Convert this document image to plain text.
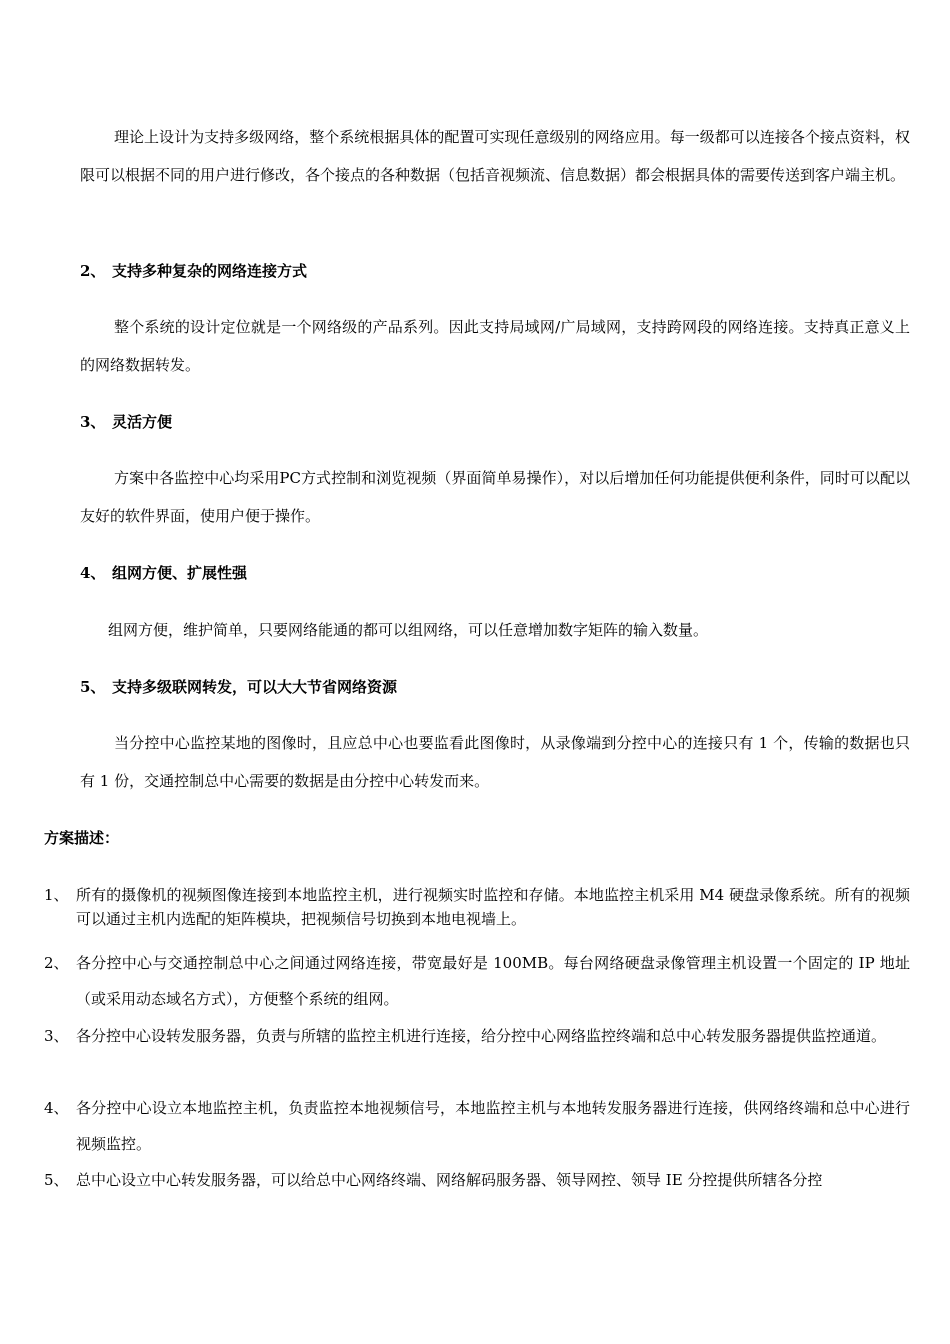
理论上设计为支持多级网络，整个系统根据具体的配置可实现任意级别的网络应用。每一级都可以连接各个接点资料，权限可以根据不同的用户进行修改，各个接点的各种数据（包括音视频流、信息数据）都会根据具体的需要传送到客户端主机。
2、 支持多种复杂的网络连接方式
整个系统的设计定位就是一个网络级的产品系列。因此支持局域网/广局域网，支持跨网段的网络连接。支持真正意义上的网络数据转发。
3、 灵活方便
方案中各监控中心均采用PC方式控制和浏览视频（界面简单易操作），对以后增加任何功能提供便利条件，同时可以配以友好的软件界面，使用户便于操作。
4、 组网方便、扩展性强
组网方便，维护简单，只要网络能通的都可以组网络，可以任意增加数字矩阵的输入数量。
5、 支持多级联网转发，可以大大节省网络资源
当分控中心监控某地的图像时，且应总中心也要监看此图像时，从录像端到分控中心的连接只有 1 个，传输的数据也只有 1 份，交通控制总中心需要的数据是由分控中心转发而来。
方案描述：
1、 所有的摄像机的视频图像连接到本地监控主机，进行视频实时监控和存储。本地监控主机采用 M4 硬盘录像系统。所有的视频可以通过主机内选配的矩阵模块，把视频信号切换到本地电视墙上。
2、 各分控中心与交通控制总中心之间通过网络连接，带宽最好是 100MB。每台网络硬盘录像管理主机设置一个固定的 IP 地址（或采用动态域名方式），方便整个系统的组网。
3、 各分控中心设转发服务器，负责与所辖的监控主机进行连接，给分控中心网络监控终端和总中心转发服务器提供监控通道。
4、 各分控中心设立本地监控主机，负责监控本地视频信号，本地监控主机与本地转发服务器进行连接，供网络终端和总中心进行视频监控。
5、 总中心设立中心转发服务器，可以给总中心网络终端、网络解码服务器、领导网控、领导 IE 分控提供所辖各分控
